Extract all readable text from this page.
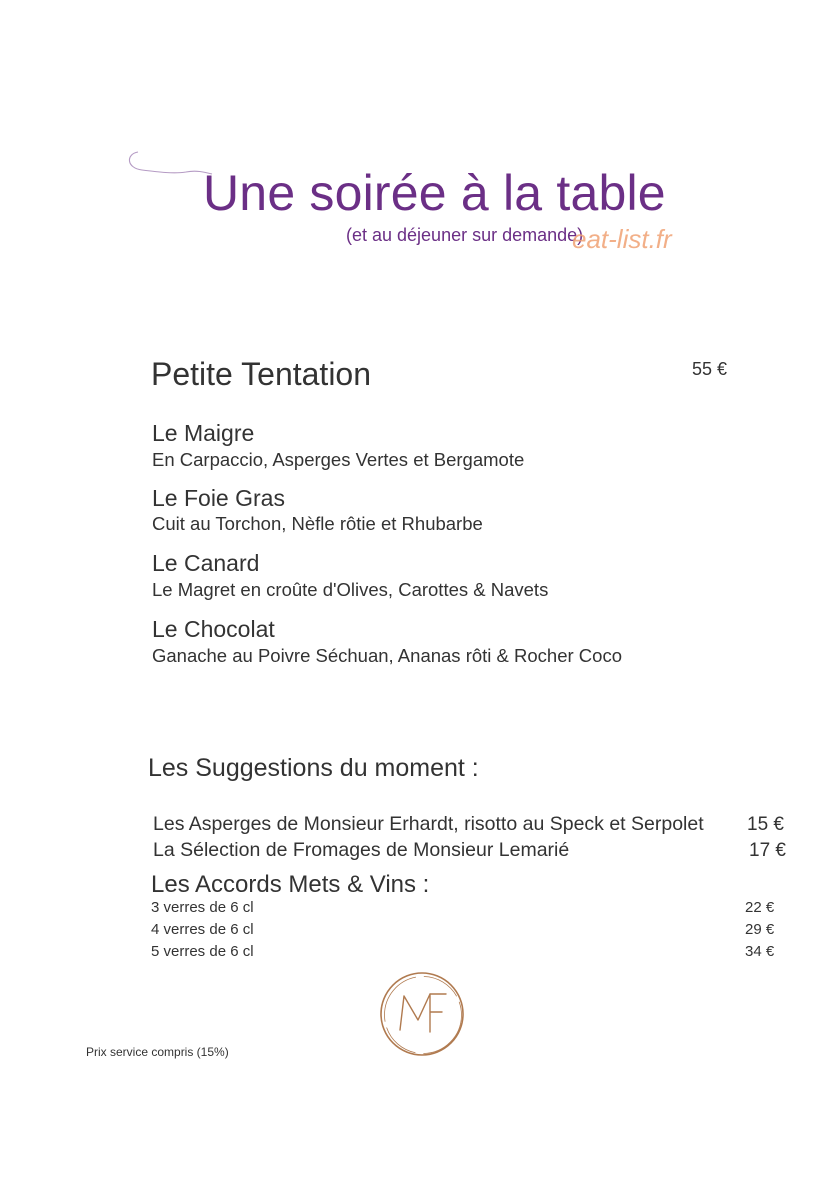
Une soirée à la table
(et au déjeuner sur demande)
eat-list.fr
Petite Tentation	55 €
Le Maigre
En Carpaccio, Asperges Vertes et Bergamote
Le Foie Gras
Cuit au Torchon, Nèfle rôtie et Rhubarbe
Le Canard
Le Magret en croûte d'Olives, Carottes & Navets
Le Chocolat
Ganache au Poivre Séchuan, Ananas rôti & Rocher Coco
Les Suggestions du moment :
Les Asperges de Monsieur Erhardt, risotto au Speck et Serpolet 15 €
La Sélection de Fromages de Monsieur Lemarié	17 €
Les Accords Mets & Vins :
3 verres de 6 cl	22 €
4 verres de 6 cl	29 €
5 verres de 6 cl	34 €
Prix service compris (15%)
